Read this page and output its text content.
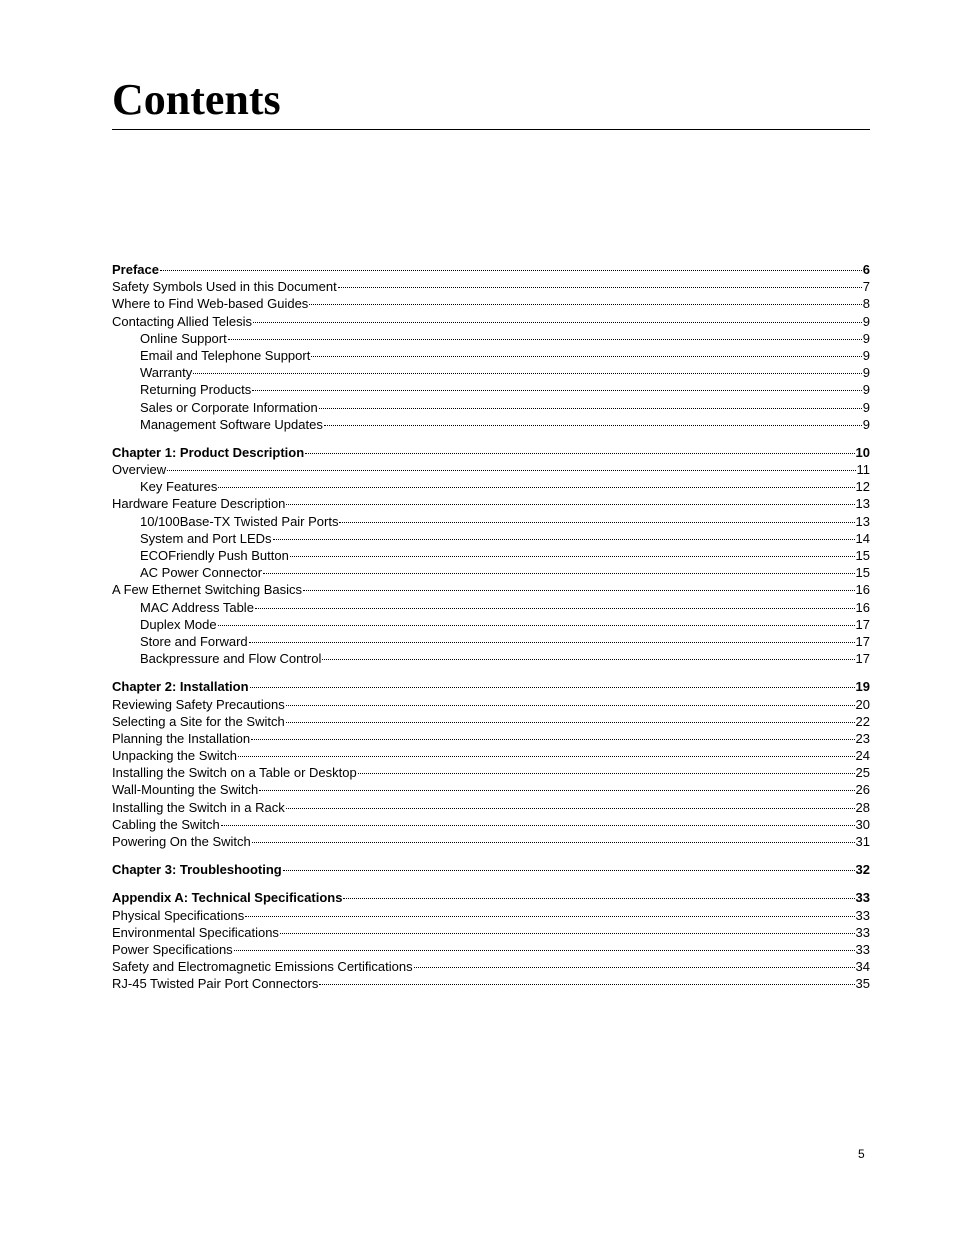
Contents
Preface	6
Safety Symbols Used in this Document	7
Where to Find Web-based Guides	8
Contacting Allied Telesis	9
Online Support	9
Email and Telephone Support	9
Warranty	9
Returning Products	9
Sales or Corporate Information	9
Management Software Updates	9
Chapter 1: Product Description	10
Overview	11
Key Features	12
Hardware Feature Description	13
10/100Base-TX Twisted Pair Ports	13
System and Port LEDs	14
ECOFriendly Push Button	15
AC Power Connector	15
A Few Ethernet Switching Basics	16
MAC Address Table	16
Duplex Mode	17
Store and Forward	17
Backpressure and Flow Control	17
Chapter 2: Installation	19
Reviewing Safety Precautions	20
Selecting a Site for the Switch	22
Planning the Installation	23
Unpacking the Switch	24
Installing the Switch on a Table or Desktop	25
Wall-Mounting the Switch	26
Installing the Switch in a Rack	28
Cabling the Switch	30
Powering On the Switch	31
Chapter 3: Troubleshooting	32
Appendix A: Technical Specifications	33
Physical Specifications	33
Environmental Specifications	33
Power Specifications	33
Safety and Electromagnetic Emissions Certifications	34
RJ-45 Twisted Pair Port Connectors	35
5
